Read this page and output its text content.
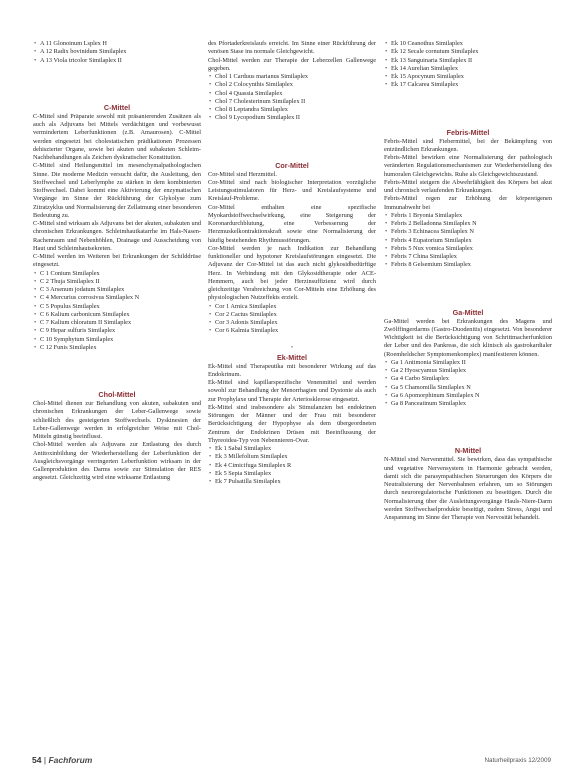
• A 11 Glonoinum Lsplex H
• A 12 Radix bovinidum Similaplex
• A 13 Viola tricolor Similaplex II
C-Mittel

C-Mittel sind Präparate sowohl mit präsanierenden Zusätzen als auch als Adjuvans bei Mittels verdächtigen und vorbewusst vermindertem Leberfunktionen (z.B. Amaurosen). C-Mittel werden eingesetzt bei cholestatischen prädikationen Prozessen dehiszierter Organe, sowie bei akuten und subakuten Schleim-Nachbehandlungen als Zeichen dyskratischer Konstitution.

C-Mittel sind Heilungsmittel im mesenchymalpathologischen Sinne. Die moderne Medizin versucht dafür, die Ausleitung, den Stoffwechsel und Leberlymphe zu stärken in dem kombinierten Stoffwechsel. Dabei kommt eine Aktivierung der enzymatischen Vorgänge im Sinne der Rückführung der Glykolyse zum Zitratzyklus und Normalisierung der Zellatmung einer besonderen Bedeutung zu.

C-Mittel sind wirksam als Adjuvans bei der akuten, subakuten und chronischen Erkrankungen. Schleimhautkatarrhe im Hals-Nasen-Rachenraum und Nebenhöhlen, Drainage und Ausscheidung von Haut und Schleimhautsekreten.

C-Mittel werden im Weiteren bei Erkrankungen der Schilddrüse eingesetzt.

• C 1 Conium Similaplex
• C 2 Thuja Similaplex II
• C 3 Arsenum jodatum Similaplex
• C 4 Mercurius corrosivus Similaplex N
• C 5 Populus Similaplex
• C 6 Kalium carbonicum Similaplex
• C 7 Kalium chloratum II Similaplex
• C 9 Hepar sulfuris Similaplex
• C 10 Symphytum Similaplex
• C 12 Funis Similaplex
Chol-Mittel

Chol-Mittel dienen zur Behandlung von akuten, subakuten und chronischen Erkrankungen der Leber-Gallenwege sowie schließlich des gesteigerten Stoffwechsels. Dyskinesien der Leber-Gallenwege werden in erfolgreicher Weise mit Chol-Mitteln günstig beeinflusst.

Chol-Mittel werden als Adjuvans zur Entlastung des durch Antitoxinbildung der Wiederherstellung der Leberfunktion der Ausgleichsvorgänge verringerten Leberfunktion wirksam in der Gallenproduktion des Darms sowie zur Stimulation der RES angesetzt. Gleichzeitig wird eine wirksame Entlastung

des Pfortaderkreislaufs erreicht. Im Sinne einer Rückführung der venösen Stase ins normale Gleichgewicht.

Chol-Mittel werden zur Therapie der Leberzellen Gallenwege gegeben.

• Chol 1 Carduus marianus Similaplex
• Chol 2 Colocynthis Similaplex
• Chol 4 Quassia Similaplex
• Chol 7 Cholesterinum Similaplex II
• Chol 8 Leptandra Similaplex
• Chol 9 Lycopodium Similaplex II
Cor-Mittel

Cor-Mittel sind Herzmittel.

Cor-Mittel sind nach biologischer Interpretation vorzügliche Leistungsstimulatoren für Herz- und Kreislaufsysteme und Kreislauf-Probleme.

Cor-Mittel enthalten eine spezifische Myokardstoffwechselwirkung, eine Steigerung der Koronardurchblutung, eine Verbesserung der Herzmuskelkontraktionskraft sowie eine Normalisierung der häufig bestehenden Rhythmusstörungen.

Cor-Mittel werden je nach Indikation zur Behandlung funktioneller und hypotoner Kreislaufstörungen eingesetzt. Die Adjuvanz der Cor-Mittel ist das auch nicht glykosidbedürftige Herz. In Verbindung mit den Glykosidtherapie oder ACE-Hemmern, auch bei jeder Herzinsuffizienz wird durch gleichzeitige Verabreichung von Cor-Mitteln eine Erhöhung des physiologischen Nutzeffekts erzielt.

• Cor 1 Arnica Similaplex
• Cor 2 Cactus Similaplex
• Cor 3 Adonis Similaplex
• Cor 6 Kalmia Similaplex
•
Ek-Mittel

Ek-Mittel sind Therapeutika mit besonderer Wirkung auf das Endokrinum.

Ek-Mittel sind kapillarspezifische Venenmittel und werden sowohl zur Behandlung der Menorrhagien und Dystonie als auch zur Prophylaxe und Therapie der Arteriosklerose eingesetzt.

Ek-Mittel sind insbesondere als Stimulanzien bei endokrinen Störungen der Männer und der Frau mit besonderer Berücksichtigung der Hypophyse als dem übergeordneten Zentrum der Endokrinen Drüsen mit Beeinflussung der Thyreoidea-Typ von Nebennieren-Ovar.

• Ek 1 Sabal Similaplex
• Ek 3 Millefolium Similaplex
• Ek 4 Cimicifuga Similaplex R
• Ek 5 Sepia Similaplex
• Ek 7 Pulsatilla Similaplex
• Ek 10 Ceanothus Similaplex
• Ek 12 Secale cornutum Similaplex
• Ek 13 Sanguinaria Similaplex II
• Ek 14 Aurelian Similaplex
• Ek 15 Apocynum Similaplex
• Ek 17 Calcarea Similaplex
Febris-Mittel

Febris-Mittel sind Fiebermittel, bei der Bekämpfung von entzündlichen Erkrankungen.

Febris-Mittel bewirken eine Normalisierung der pathologisch veränderten Regulationsmechanismen zur Wiederherstellung des humoralen Gleichgewichts. Ruhe als Gleichgewichtszustand.

Febris-Mittel steigern die Abwehrfähigkeit des Körpers bei akut und chronisch verlaufenden Erkrankungen.

Febris-Mittel regen zur Erhöhung der körpereigenen Immunabwehr bei

• Febris 1 Bryonia Similaplex
• Febris 2 Belladonna Similaplex N
• Febris 3 Echinacea Similaplex N
• Febris 4 Eupatorium Similaplex
• Febris 5 Nux vomica Similaplex
• Febris 7 China Similaplex
• Febris 8 Gelsemium Similaplex
Ga-Mittel

Ga-Mittel werden bei Erkrankungen des Magens und Zwölffingerdarms (Gastro-Duodenitis) eingesetzt. Von besonderer Wichtigkeit ist die Berücksichtigung von Schrittmacherfunktion der Leber und des Pankreas, die sich klinisch als gastrokardialer (Roemheldscher Symptomenkomplex) manifestieren können.

• Ga 1 Antimonia Similaplex II
• Ga 2 Hyoscyamus Similaplex
• Ga 4 Carbo Similaplex
• Ga 5 Chamomilla Similaplex N
• Ga 6 Apomorphinum Similaplex N
• Ga 8 Panceatinum Similaplex
N-Mittel

N-Mittel sind Nervenmittel. Sie bewirken, dass das sympathische und vegetative Nervensystem in Harmonie gebracht werden, damit sich die parasympathischen Steuerungen des Körpers die Neutralisierung der Nervenbahnen erfahren, um so Störungen durch neuroregulatorische Funktionen zu beseitigen. Durch die Normalisierung über die Ausleitungsvorgänge Hauls-Niere-Darm werden Stoffwechselprodukte beseitigt, zudem Stress, Angst und Anspannung im Sinne der Therapie von Nervosität behandelt.

54 | Fachforum	Naturheilpraxis 12/2009
